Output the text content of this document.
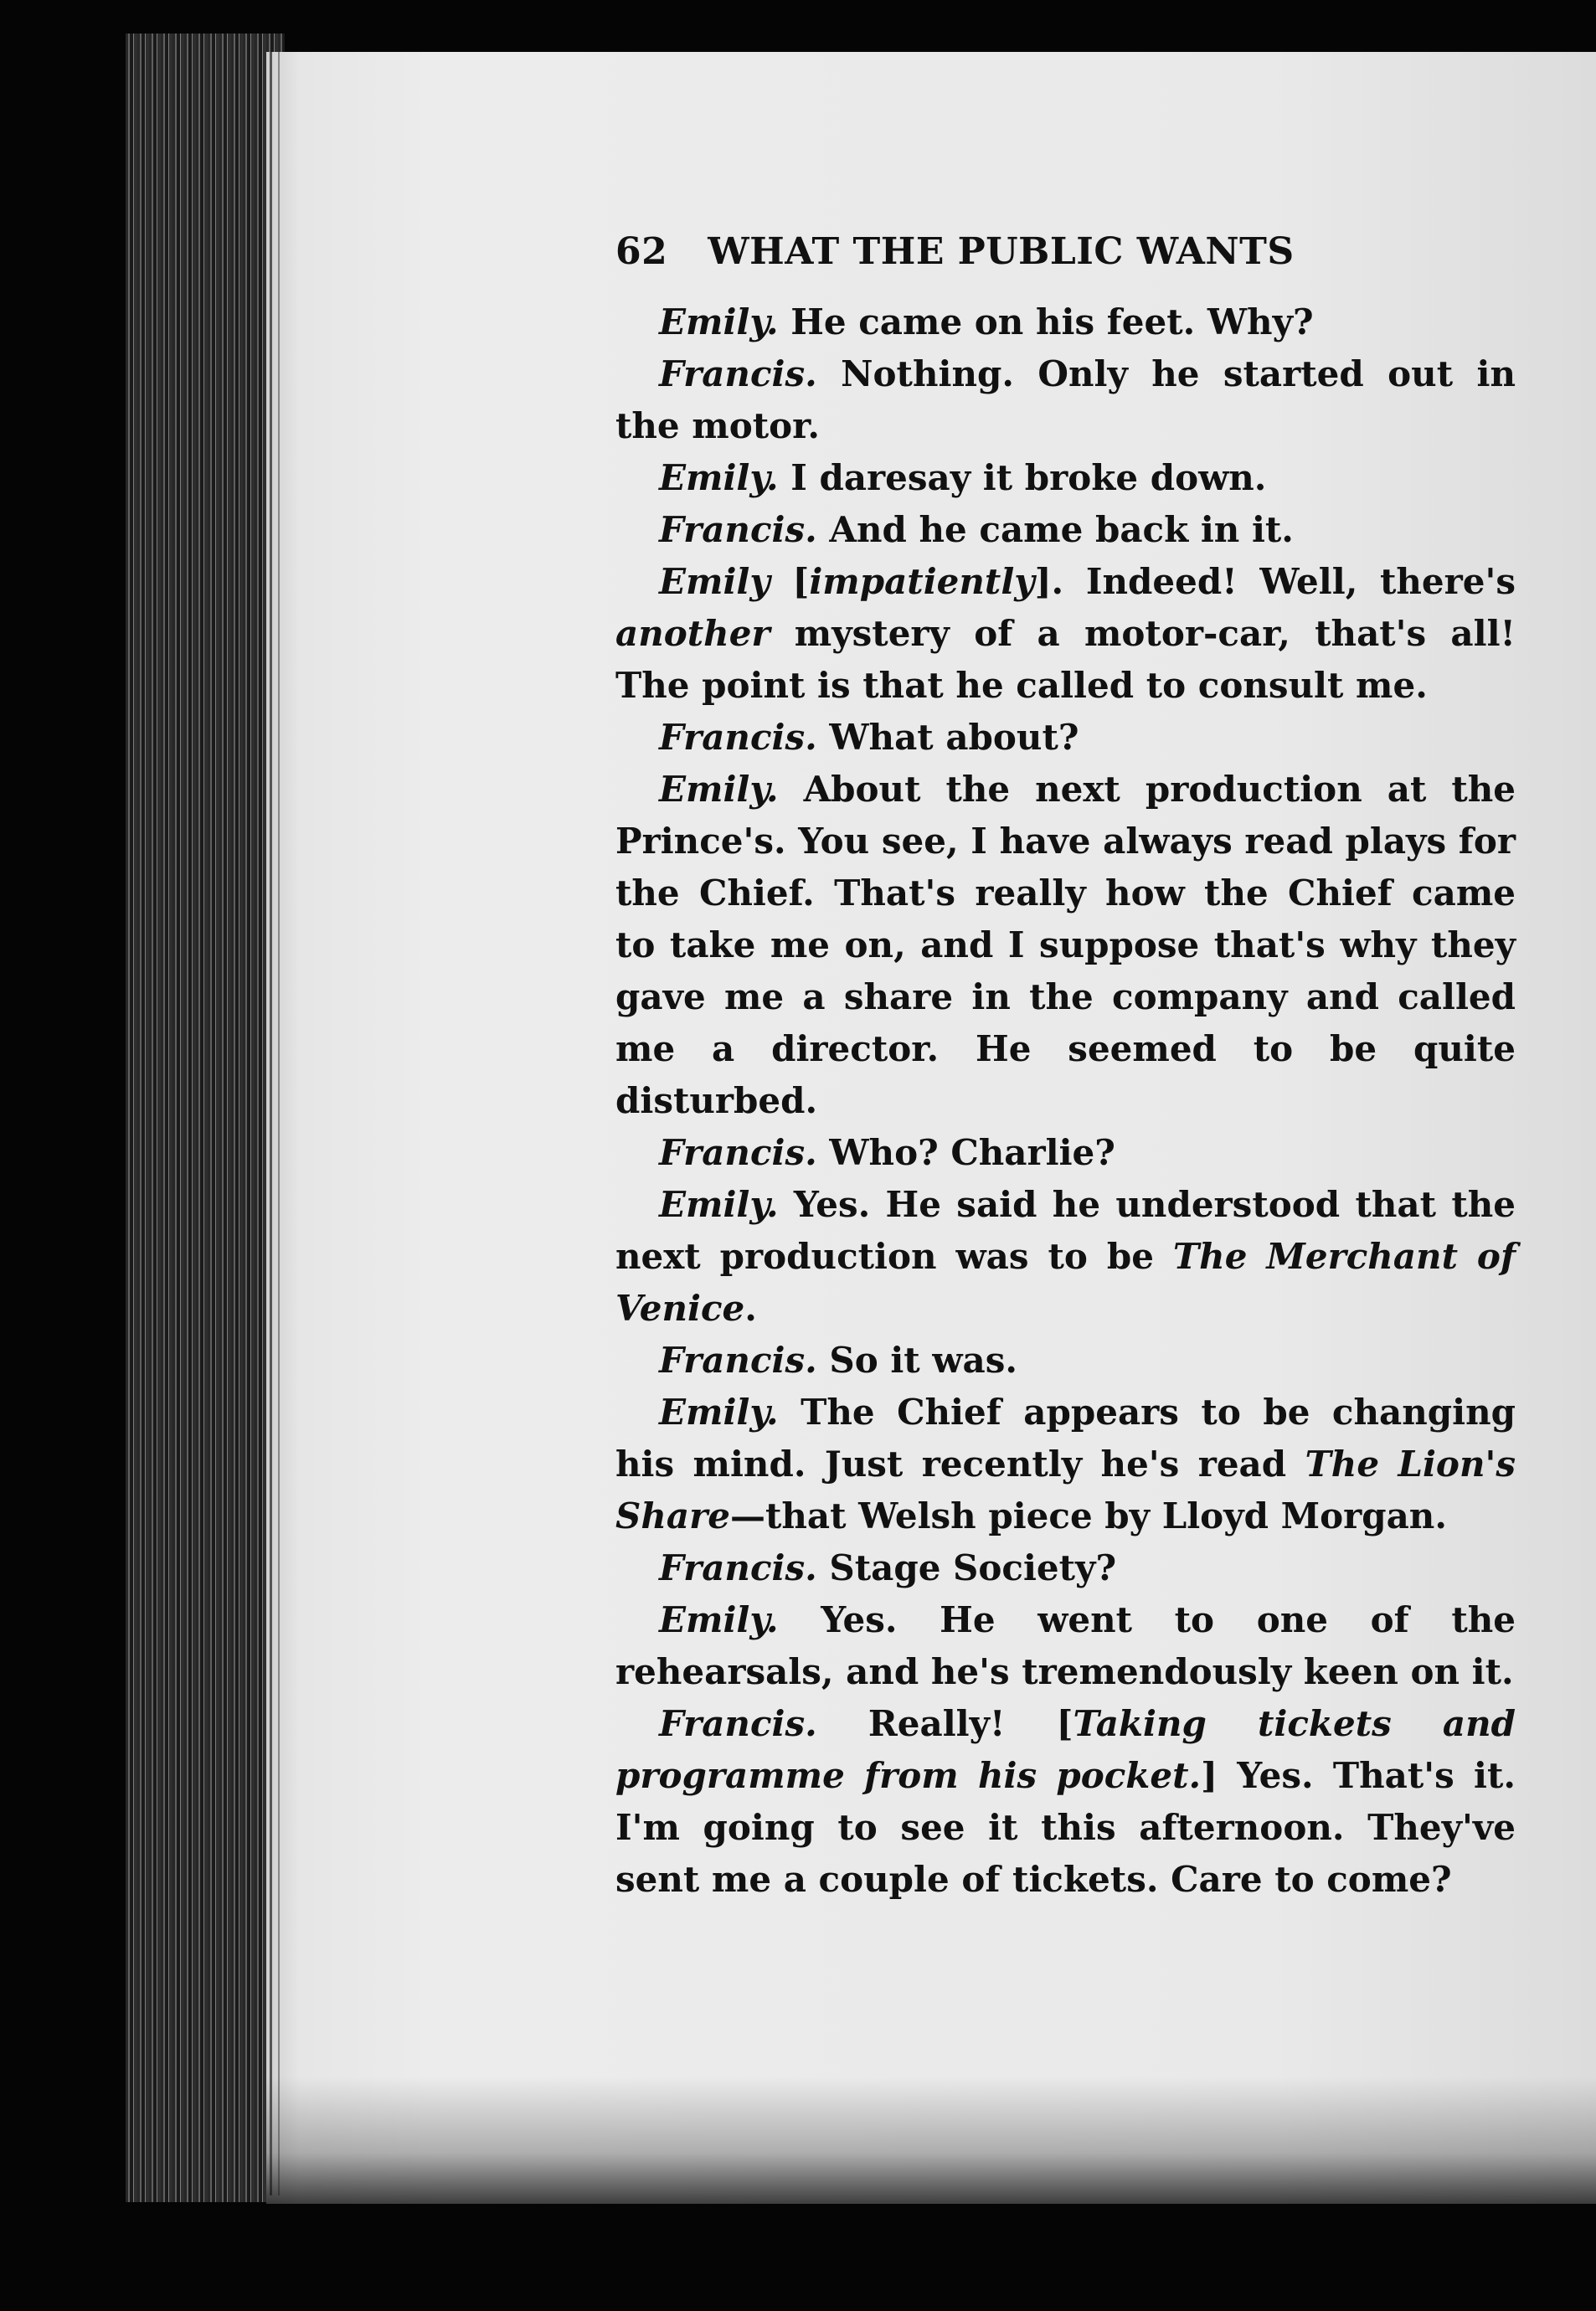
62 WHAT THE PUBLIC WANTS

Emily. He came on his feet. Why?

Francis. Nothing. Only he started out in the motor.

Emily. I daresay it broke down.

Francis. And he came back in it.

Emily [impatiently]. Indeed! Well, there's another mystery of a motor-car, that's all! The point is that he called to consult me.

Francis. What about?

Emily. About the next production at the Prince's. You see, I have always read plays for the Chief. That's really how the Chief came to take me on, and I suppose that's why they gave me a share in the company and called me a director. He seemed to be quite disturbed.

Francis. Who? Charlie?

Emily. Yes. He said he understood that the next production was to be The Merchant of Venice.

Francis. So it was.

Emily. The Chief appears to be changing his mind. Just recently he's read The Lion's Share—that Welsh piece by Lloyd Morgan.

Francis. Stage Society?

Emily. Yes. He went to one of the rehearsals, and he's tremendously keen on it.

Francis. Really! [Taking tickets and programme from his pocket.] Yes. That's it. I'm going to see it this afternoon. They've sent me a couple of tickets. Care to come?
